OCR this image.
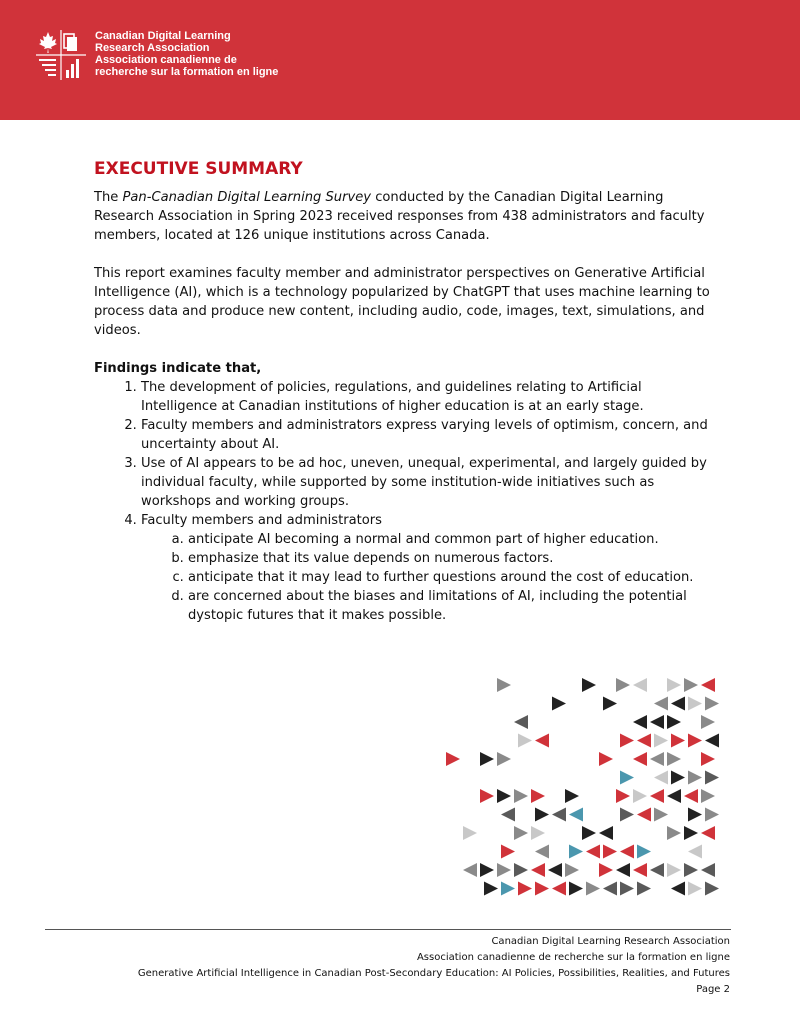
Canadian Digital Learning
Research Association
Association canadienne de
recherche sur la formation en ligne
EXECUTIVE SUMMARY

The Pan-Canadian Digital Learning Survey conducted by the Canadian Digital Learning Research Association in Spring 2023 received responses from 438 administrators and faculty members, located at 126 unique institutions across Canada.

This report examines faculty member and administrator perspectives on Generative Artificial Intelligence (AI), which is a technology popularized by ChatGPT that uses machine learning to process data and produce new content, including audio, code, images, text, simulations, and videos.

Findings indicate that,

1. The development of policies, regulations, and guidelines relating to Artificial Intelligence at Canadian institutions of higher education is at an early stage.
2. Faculty members and administrators express varying levels of optimism, concern, and uncertainty about AI.
3. Use of AI appears to be ad hoc, uneven, unequal, experimental, and largely guided by individual faculty, while supported by some institution-wide initiatives such as workshops and working groups.
4. Faculty members and administrators
a. anticipate AI becoming a normal and common part of higher education.
b. emphasize that its value depends on numerous factors.
c. anticipate that it may lead to further questions around the cost of education.
d. are concerned about the biases and limitations of AI, including the potential dystopic futures that it makes possible.
Canadian Digital Learning Research Association
Association canadienne de recherche sur la formation en ligne
Generative Artificial Intelligence in Canadian Post-Secondary Education: AI Policies, Possibilities, Realities, and Futures
Page 2
